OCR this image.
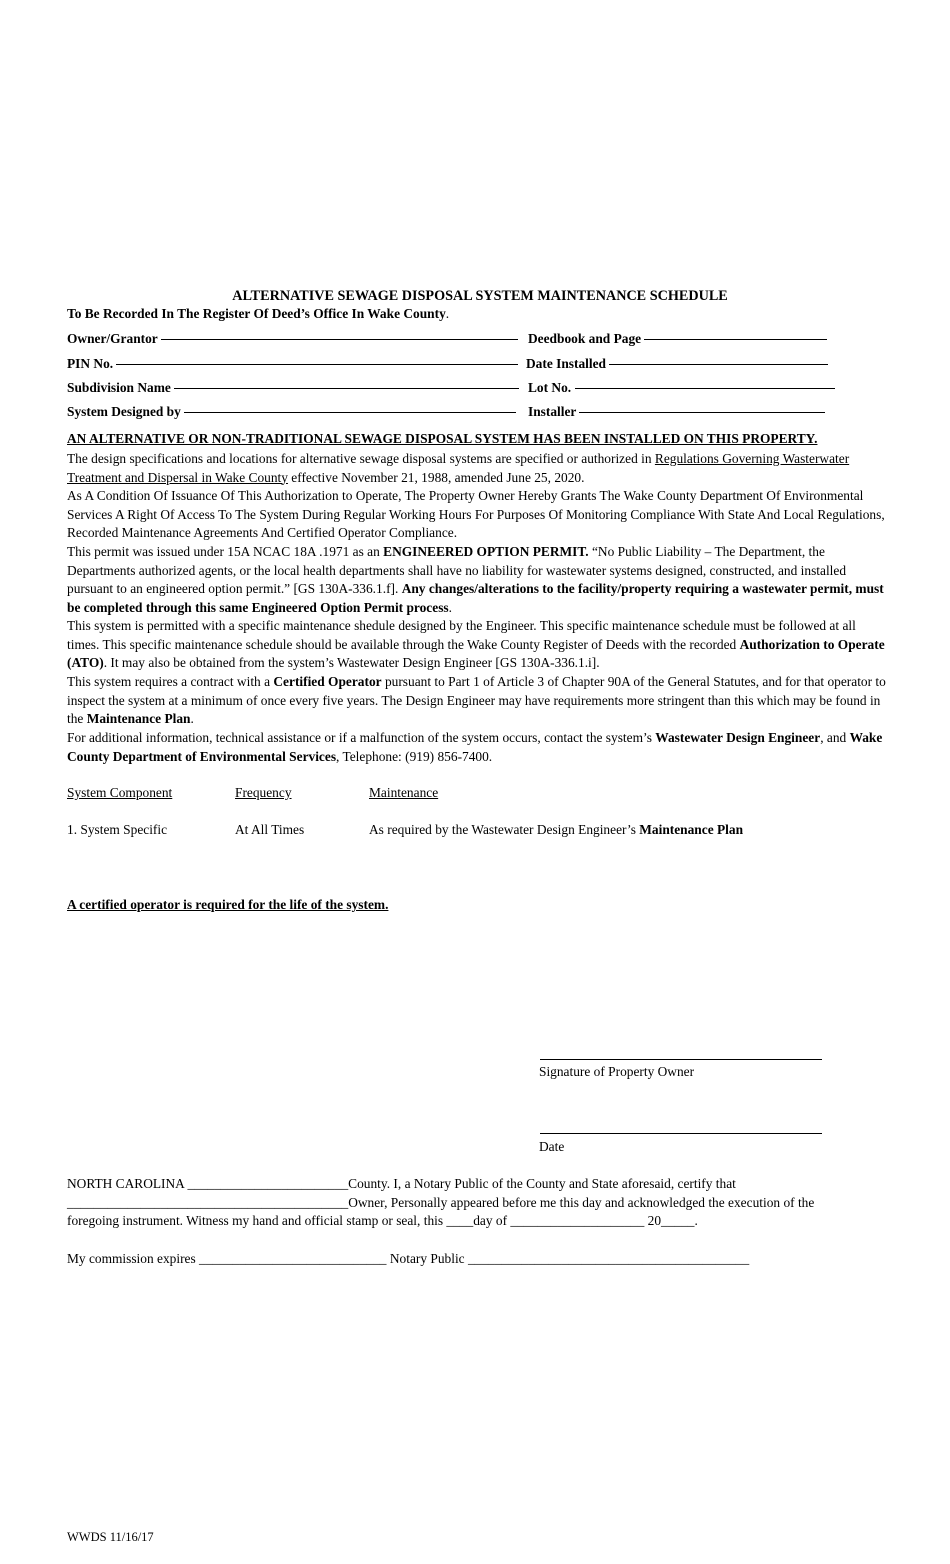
ALTERNATIVE SEWAGE DISPOSAL SYSTEM MAINTENANCE SCHEDULE
To Be Recorded In The Register Of Deed’s Office In Wake County.
Owner/Grantor	Deedbook and Page
PIN No.	Date Installed
Subdivision Name	Lot No.
System Designed by	Installer
AN ALTERNATIVE OR NON-TRADITIONAL SEWAGE DISPOSAL SYSTEM HAS BEEN INSTALLED ON THIS PROPERTY.

The design specifications and locations for alternative sewage disposal systems are specified or authorized in Regulations Governing Wasterwater Treatment and Dispersal in Wake County effective November 21, 1988, amended June 25, 2020.

As A Condition Of Issuance Of This Authorization to Operate, The Property Owner Hereby Grants The Wake County Department Of Environmental Services A Right Of Access To The System During Regular Working Hours For Purposes Of Monitoring Compliance With State And Local Regulations, Recorded Maintenance Agreements And Certified Operator Compliance.

This permit was issued under 15A NCAC 18A .1971 as an ENGINEERED OPTION PERMIT. “No Public Liability – The Department, the Departments authorized agents, or the local health departments shall have no liability for wastewater systems designed, constructed, and installed pursuant to an engineered option permit.” [GS 130A-336.1.f]. Any changes/alterations to the facility/property requiring a wastewater permit, must be completed through this same Engineered Option Permit process.

This system is permitted with a specific maintenance shedule designed by the Engineer. This specific maintenance schedule must be followed at all times. This specific maintenance schedule should be available through the Wake County Register of Deeds with the recorded Authorization to Operate (ATO). It may also be obtained from the system’s Wastewater Design Engineer [GS 130A-336.1.i].

This system requires a contract with a Certified Operator pursuant to Part 1 of Article 3 of Chapter 90A of the General Statutes, and for that operator to inspect the system at a minimum of once every five years. The Design Engineer may have requirements more stringent than this which may be found in the Maintenance Plan.

For additional information, technical assistance or if a malfunction of the system occurs, contact the system’s Wastewater Design Engineer, and Wake County Department of Environmental Services, Telephone: (919) 856-7400.

System Component	Frequency	Maintenance
1. System Specific	At All Times	As required by the Wastewater Design Engineer’s Maintenance Plan
A certified operator is required for the life of the system.
Signature of Property Owner
Date
NORTH CAROLINA ________________________County. I, a Notary Public of the County and State aforesaid, certify that
__________________________________________Owner, Personally appeared before me this day and acknowledged the execution of the
foregoing instrument. Witness my hand and official stamp or seal, this ____day of ____________________ 20_____.
My commission expires ____________________________ Notary Public __________________________________________
WWDS 11/16/17
